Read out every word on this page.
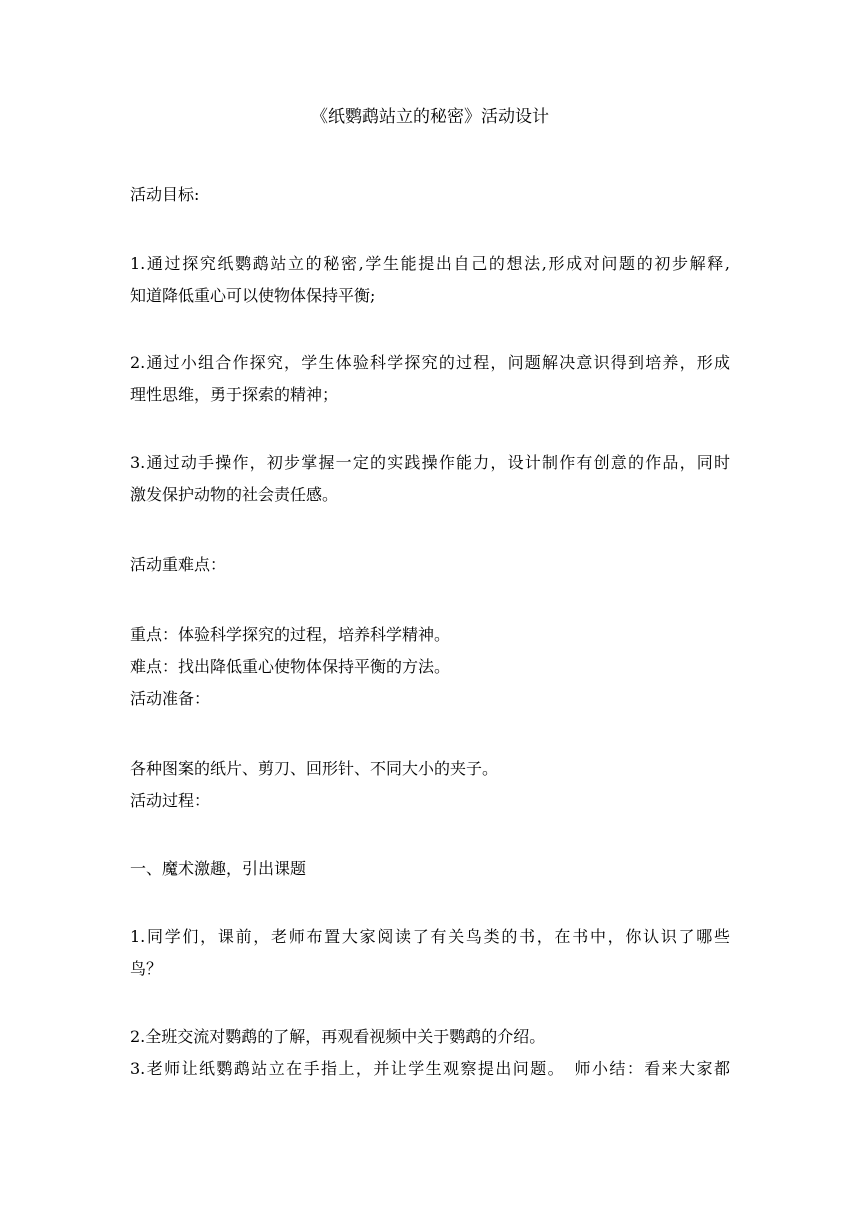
《纸鹦鹉站立的秘密》活动设计
活动目标:
1.通过探究纸鹦鹉站立的秘密,学生能提出自己的想法,形成对问题的初步解释,
知道降低重心可以使物体保持平衡;
2.通过小组合作探究，学生体验科学探究的过程，问题解决意识得到培养，形成
理性思维，勇于探索的精神；
3.通过动手操作，初步掌握一定的实践操作能力，设计制作有创意的作品，同时
激发保护动物的社会责任感。
活动重难点：
重点：体验科学探究的过程，培养科学精神。
难点：找出降低重心使物体保持平衡的方法。
活动准备：
各种图案的纸片、剪刀、回形针、不同大小的夹子。
活动过程：
一、魔术激趣，引出课题
1.同学们，课前，老师布置大家阅读了有关鸟类的书，在书中，你认识了哪些
鸟？
2.全班交流对鹦鹉的了解，再观看视频中关于鹦鹉的介绍。
3.老师让纸鹦鹉站立在手指上，并让学生观察提出问题。　师小结：看来大家都
